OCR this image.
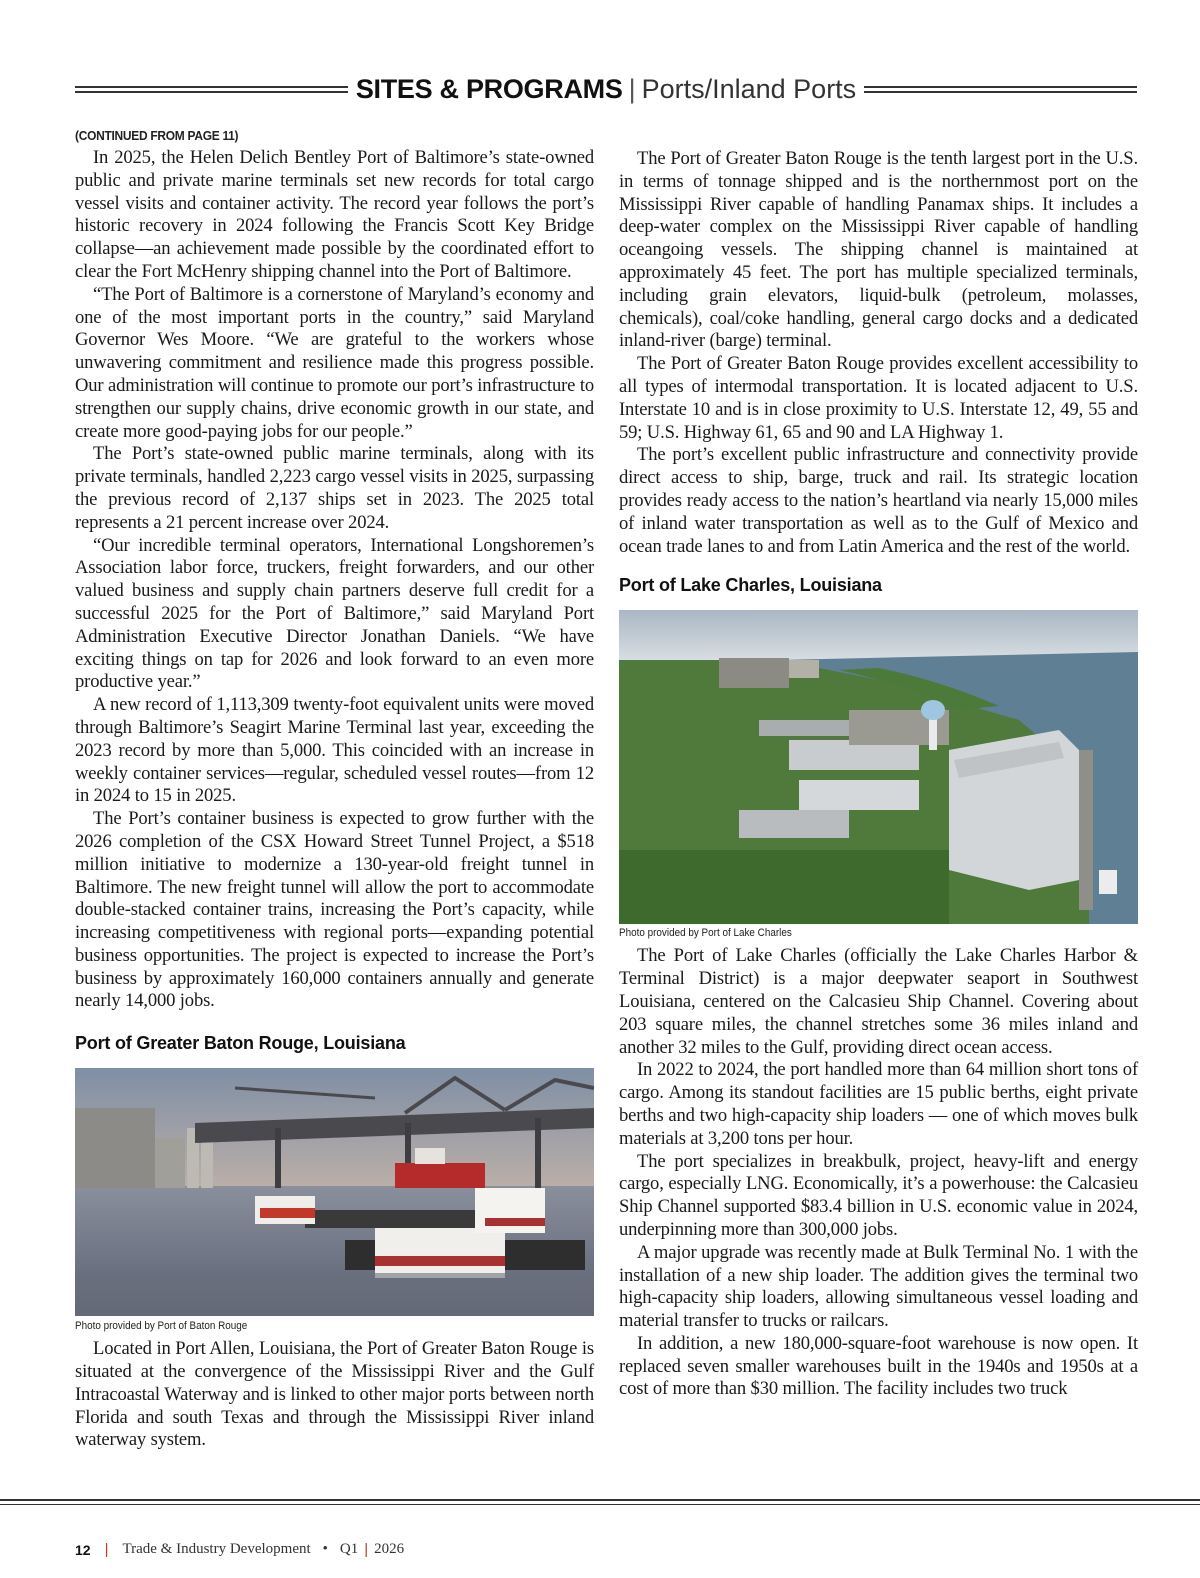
SITES & PROGRAMS | Ports/Inland Ports
(CONTINUED FROM PAGE 11)

In 2025, the Helen Delich Bentley Port of Baltimore’s state-owned public and private marine terminals set new records for total cargo vessel visits and container activity. The record year follows the port’s historic recovery in 2024 following the Francis Scott Key Bridge collapse—an achievement made possible by the coordinated effort to clear the Fort McHenry shipping channel into the Port of Baltimore.

“The Port of Baltimore is a cornerstone of Maryland’s economy and one of the most important ports in the country,” said Maryland Governor Wes Moore. “We are grateful to the workers whose unwavering commitment and resilience made this progress possible. Our administration will continue to promote our port’s infrastructure to strengthen our supply chains, drive economic growth in our state, and create more good-paying jobs for our people.”

The Port’s state-owned public marine terminals, along with its private terminals, handled 2,223 cargo vessel visits in 2025, surpassing the previous record of 2,137 ships set in 2023. The 2025 total represents a 21 percent increase over 2024.

“Our incredible terminal operators, International Longshoremen’s Association labor force, truckers, freight forwarders, and our other valued business and supply chain partners deserve full credit for a successful 2025 for the Port of Baltimore,” said Maryland Port Administration Executive Director Jonathan Daniels. “We have exciting things on tap for 2026 and look forward to an even more productive year.”

A new record of 1,113,309 twenty-foot equivalent units were moved through Baltimore’s Seagirt Marine Terminal last year, exceeding the 2023 record by more than 5,000. This coincided with an increase in weekly container services—regular, scheduled vessel routes—from 12 in 2024 to 15 in 2025.

The Port’s container business is expected to grow further with the 2026 completion of the CSX Howard Street Tunnel Project, a $518 million initiative to modernize a 130-year-old freight tunnel in Baltimore. The new freight tunnel will allow the port to accommodate double-stacked container trains, increasing the Port’s capacity, while increasing competitiveness with regional ports—expanding potential business opportunities. The project is expected to increase the Port’s business by approximately 160,000 containers annually and generate nearly 14,000 jobs.

Port of Greater Baton Rouge, Louisiana
Photo provided by Port of Baton Rouge

Located in Port Allen, Louisiana, the Port of Greater Baton Rouge is situated at the convergence of the Mississippi River and the Gulf Intracoastal Waterway and is linked to other major ports between north Florida and south Texas and through the Mississippi River inland waterway system.

The Port of Greater Baton Rouge is the tenth largest port in the U.S. in terms of tonnage shipped and is the northernmost port on the Mississippi River capable of handling Panamax ships. It includes a deep-water complex on the Mississippi River capable of handling oceangoing vessels. The shipping channel is maintained at approximately 45 feet. The port has multiple specialized terminals, including grain elevators, liquid-bulk (petroleum, molasses, chemicals), coal/coke handling, general cargo docks and a dedicated inland-river (barge) terminal.

The Port of Greater Baton Rouge provides excellent accessibility to all types of intermodal transportation. It is located adjacent to U.S. Interstate 10 and is in close proximity to U.S. Interstate 12, 49, 55 and 59; U.S. Highway 61, 65 and 90 and LA Highway 1.

The port’s excellent public infrastructure and connectivity provide direct access to ship, barge, truck and rail. Its strategic location provides ready access to the nation’s heartland via nearly 15,000 miles of inland water transportation as well as to the Gulf of Mexico and ocean trade lanes to and from Latin America and the rest of the world.

Port of Lake Charles, Louisiana
Photo provided by Port of Lake Charles

The Port of Lake Charles (officially the Lake Charles Harbor & Terminal District) is a major deepwater seaport in Southwest Louisiana, centered on the Calcasieu Ship Channel. Covering about 203 square miles, the channel stretches some 36 miles inland and another 32 miles to the Gulf, providing direct ocean access.

In 2022 to 2024, the port handled more than 64 million short tons of cargo. Among its standout facilities are 15 public berths, eight private berths and two high-capacity ship loaders — one of which moves bulk materials at 3,200 tons per hour.

The port specializes in breakbulk, project, heavy-lift and energy cargo, especially LNG. Economically, it’s a powerhouse: the Calcasieu Ship Channel supported $83.4 billion in U.S. economic value in 2024, underpinning more than 300,000 jobs.

A major upgrade was recently made at Bulk Terminal No. 1 with the installation of a new ship loader. The addition gives the terminal two high-capacity ship loaders, allowing simultaneous vessel loading and material transfer to trucks or railcars.

In addition, a new 180,000-square-foot warehouse is now open. It replaced seven smaller warehouses built in the 1940s and 1950s at a cost of more than $30 million. The facility includes two truck

12 | Trade & Industry Development • Q1 | 2026
